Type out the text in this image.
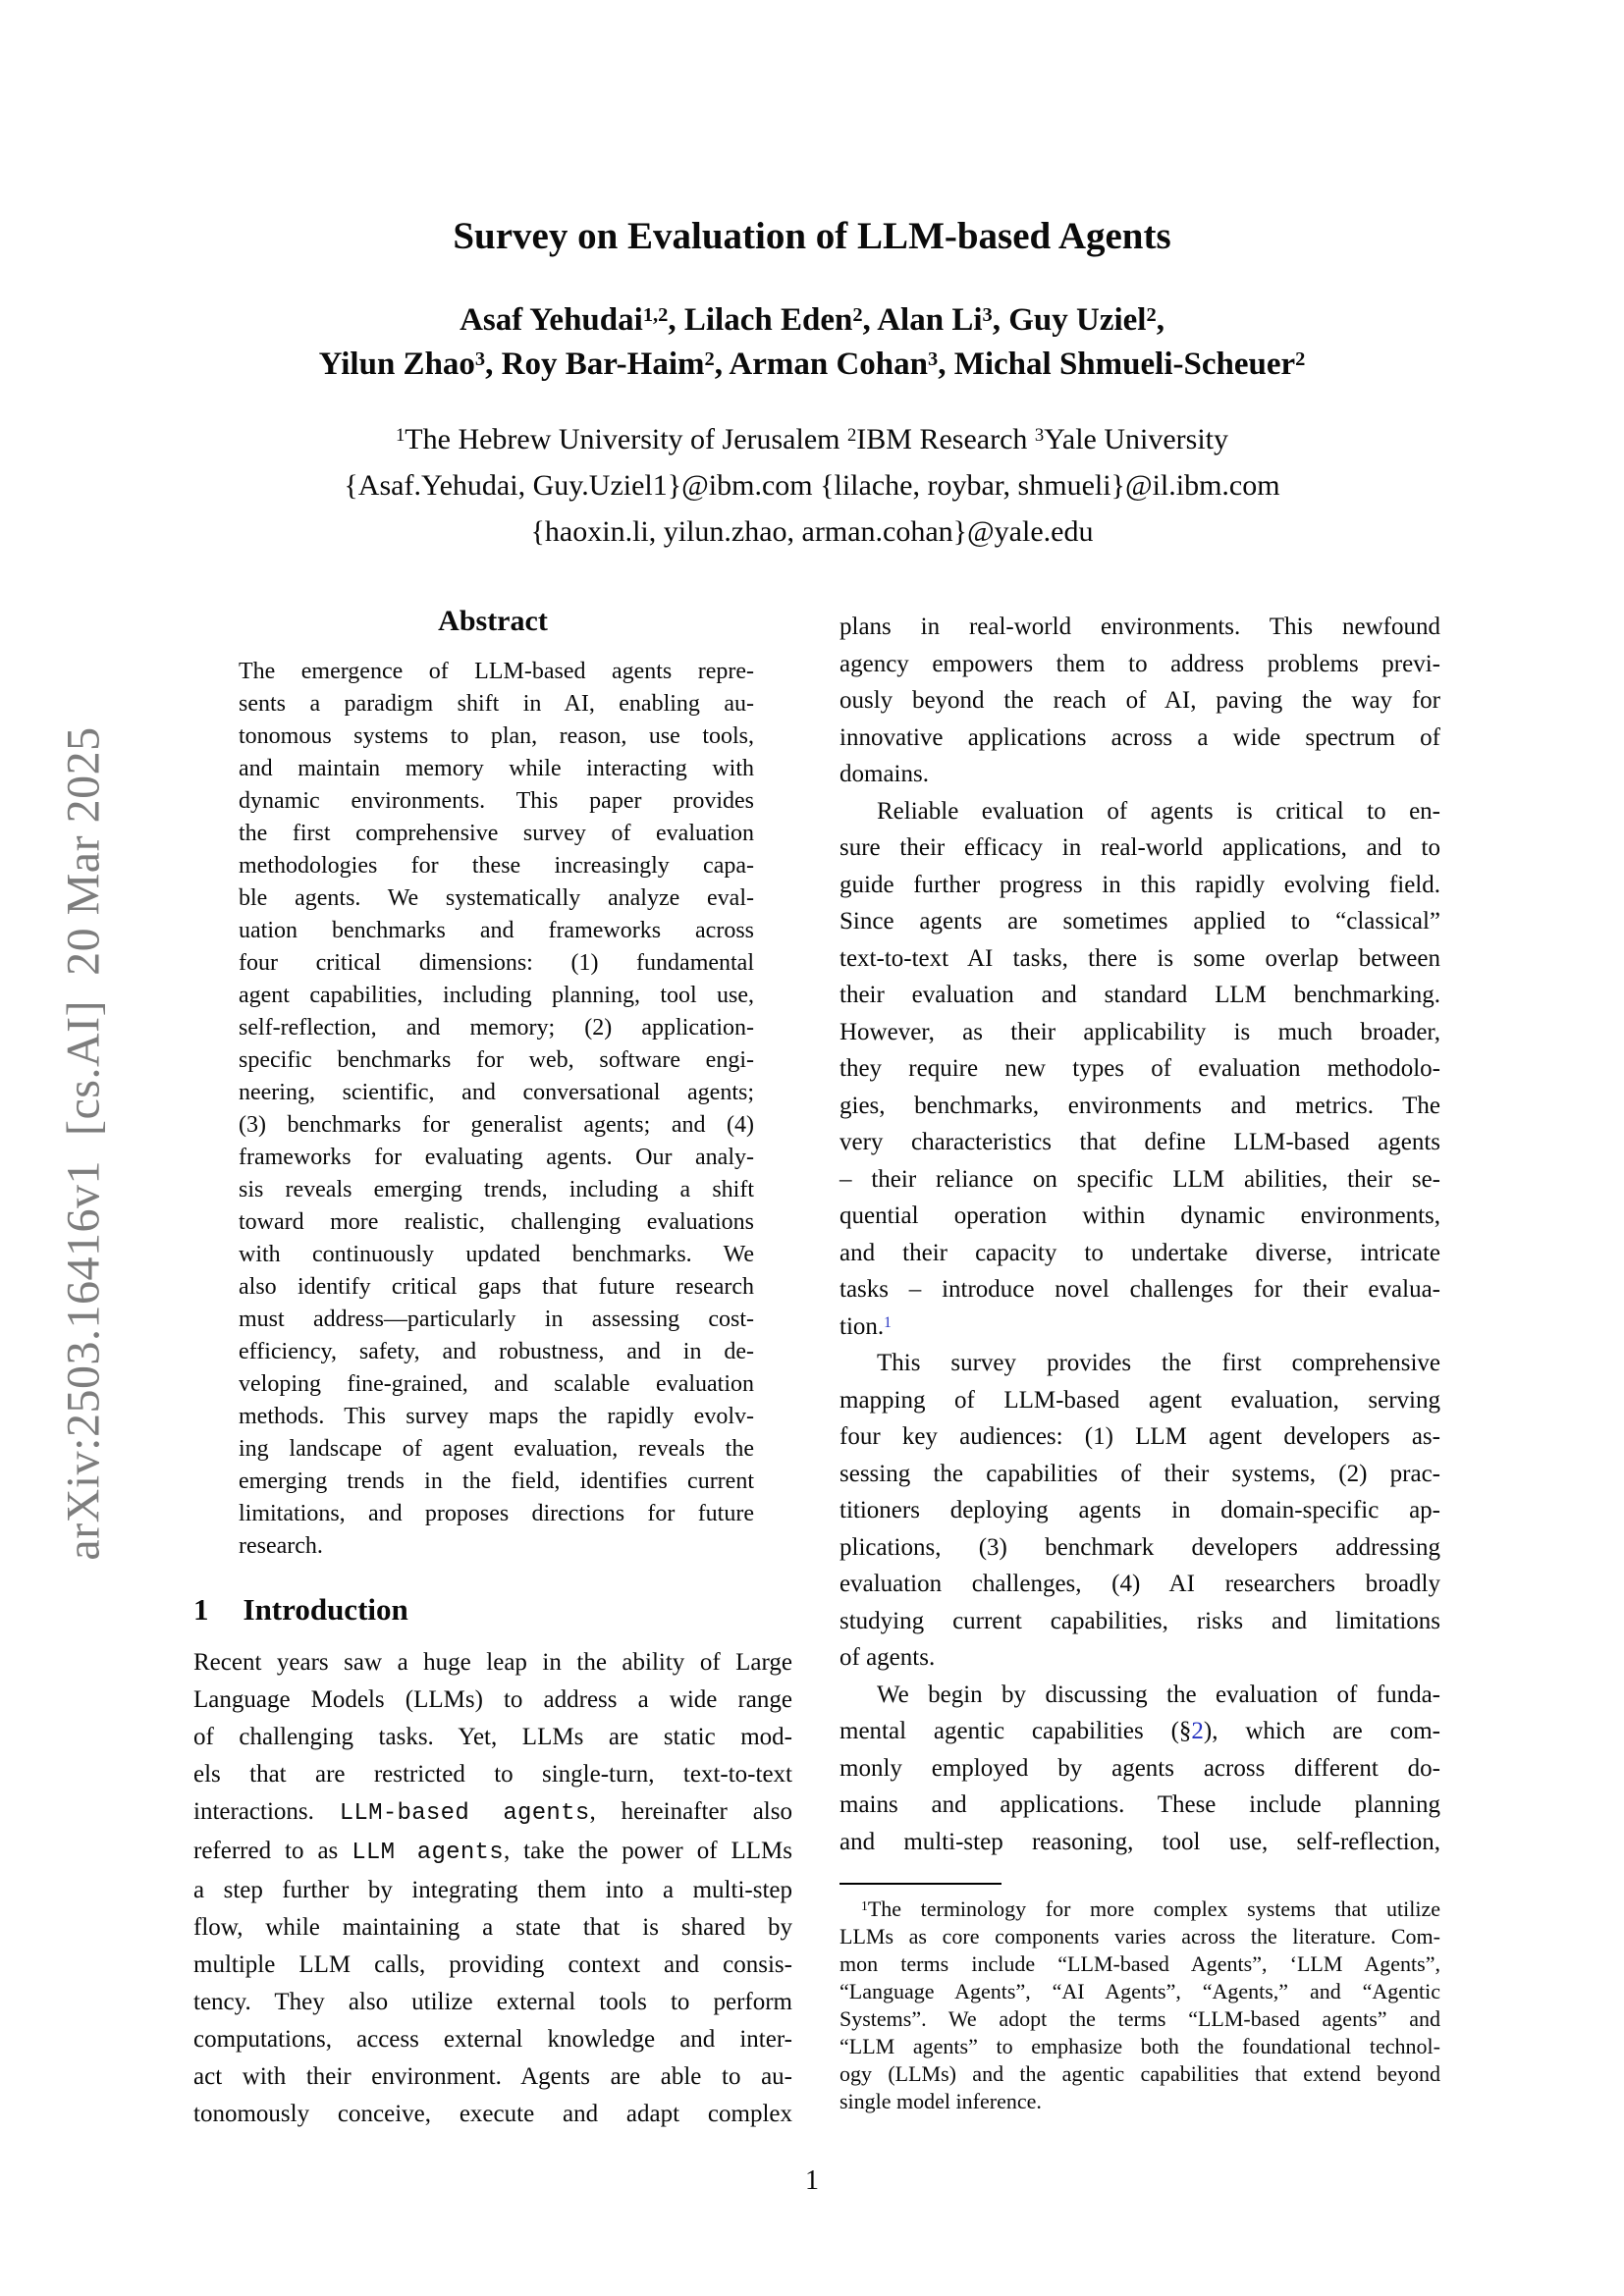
arXiv:2503.16416v1  [cs.AI]  20 Mar 2025
Survey on Evaluation of LLM-based Agents
Asaf Yehudai$^{1,2}$, Lilach Eden$^2$, Alan Li$^3$, Guy Uziel$^2$,
Yilun Zhao$^3$, Roy Bar-Haim$^2$, Arman Cohan$^3$, Michal Shmueli-Scheuer$^2$
$^1$The Hebrew University of Jerusalem $^2$IBM Research $^3$Yale University
{Asaf.Yehudai, Guy.Uziel1}@ibm.com {lilache, roybar, shmueli}@il.ibm.com
{haoxin.li, yilun.zhao, arman.cohan}@yale.edu
Abstract
The emergence of LLM-based agents repre-
sents a paradigm shift in AI, enabling au-
tonomous systems to plan, reason, use tools,
and maintain memory while interacting with
dynamic environments. This paper provides
the first comprehensive survey of evaluation
methodologies for these increasingly capa-
ble agents. We systematically analyze eval-
uation benchmarks and frameworks across
four critical dimensions: (1) fundamental
agent capabilities, including planning, tool use,
self-reflection, and memory; (2) application-
specific benchmarks for web, software engi-
neering, scientific, and conversational agents;
(3) benchmarks for generalist agents; and (4)
frameworks for evaluating agents. Our analy-
sis reveals emerging trends, including a shift
toward more realistic, challenging evaluations
with continuously updated benchmarks. We
also identify critical gaps that future research
must address—particularly in assessing cost-
efficiency, safety, and robustness, and in de-
veloping fine-grained, and scalable evaluation
methods. This survey maps the rapidly evolv-
ing landscape of agent evaluation, reveals the
emerging trends in the field, identifies current
limitations, and proposes directions for future
research.
1 Introduction
Recent years saw a huge leap in the ability of Large
Language Models (LLMs) to address a wide range
of challenging tasks. Yet, LLMs are static mod-
els that are restricted to single-turn, text-to-text
interactions. LLM-based agents, hereinafter also
referred to as LLM agents, take the power of LLMs
a step further by integrating them into a multi-step
flow, while maintaining a state that is shared by
multiple LLM calls, providing context and consis-
tency. They also utilize external tools to perform
computations, access external knowledge and inter-
act with their environment. Agents are able to au-
tonomously conceive, execute and adapt complex
plans in real-world environments. This newfound
agency empowers them to address problems previ-
ously beyond the reach of AI, paving the way for
innovative applications across a wide spectrum of
domains.
Reliable evaluation of agents is critical to en-
sure their efficacy in real-world applications, and to
guide further progress in this rapidly evolving field.
Since agents are sometimes applied to “classical”
text-to-text AI tasks, there is some overlap between
their evaluation and standard LLM benchmarking.
However, as their applicability is much broader,
they require new types of evaluation methodolo-
gies, benchmarks, environments and metrics. The
very characteristics that define LLM-based agents
– their reliance on specific LLM abilities, their se-
quential operation within dynamic environments,
and their capacity to undertake diverse, intricate
tasks – introduce novel challenges for their evalua-
tion.$^1$
This survey provides the first comprehensive
mapping of LLM-based agent evaluation, serving
four key audiences: (1) LLM agent developers as-
sessing the capabilities of their systems, (2) prac-
titioners deploying agents in domain-specific ap-
plications, (3) benchmark developers addressing
evaluation challenges, (4) AI researchers broadly
studying current capabilities, risks and limitations
of agents.
We begin by discussing the evaluation of funda-
mental agentic capabilities (§2), which are com-
monly employed by agents across different do-
mains and applications. These include planning
and multi-step reasoning, tool use, self-reflection,
$^1$The terminology for more complex systems that utilize
LLMs as core components varies across the literature. Com-
mon terms include “LLM-based Agents”, ‘LLM Agents”,
“Language Agents”, “AI Agents”, “Agents,” and “Agentic
Systems”. We adopt the terms “LLM-based agents” and
“LLM agents” to emphasize both the foundational technol-
ogy (LLMs) and the agentic capabilities that extend beyond
single model inference.
1
